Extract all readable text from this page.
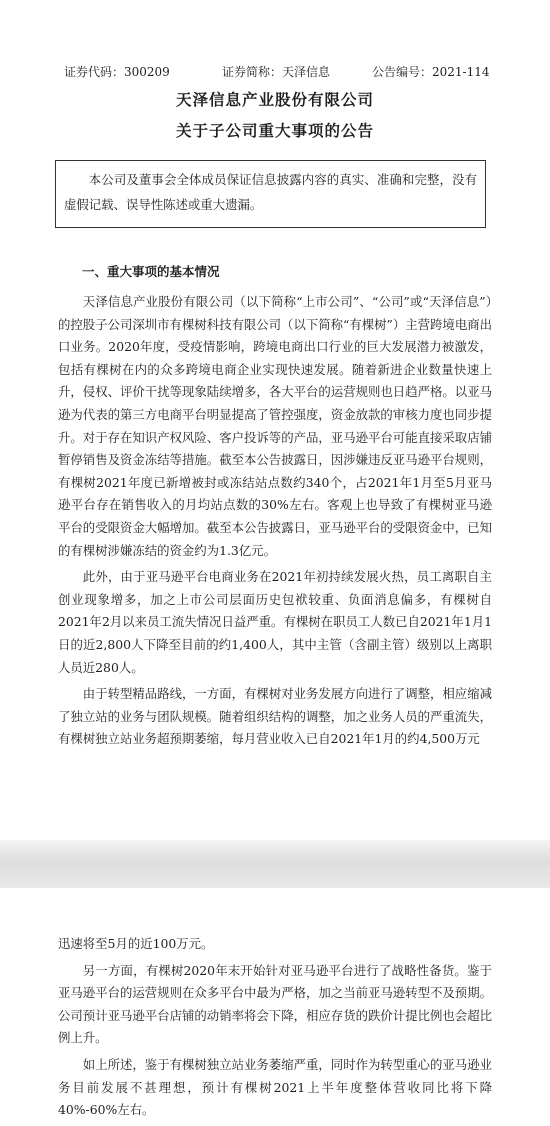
证券代码：300209	证券简称：天泽信息	公告编号：2021-114
天泽信息产业股份有限公司
关于子公司重大事项的公告
本公司及董事会全体成员保证信息披露内容的真实、准确和完整，没有虚假记载、误导性陈述或重大遗漏。
一、重大事项的基本情况

天泽信息产业股份有限公司（以下简称“上市公司”、“公司”或“天泽信息”）的控股子公司深圳市有棵树科技有限公司（以下简称“有棵树”）主营跨境电商出口业务。2020年度，受疫情影响，跨境电商出口行业的巨大发展潜力被激发，包括有棵树在内的众多跨境电商企业实现快速发展。随着新进企业数量快速上升，侵权、评价干扰等现象陆续增多，各大平台的运营规则也日趋严格。以亚马逊为代表的第三方电商平台明显提高了管控强度，资金放款的审核力度也同步提升。对于存在知识产权风险、客户投诉等的产品，亚马逊平台可能直接采取店铺暂停销售及资金冻结等措施。截至本公告披露日，因涉嫌违反亚马逊平台规则，有棵树2021年度已新增被封或冻结站点数约340个，占2021年1月至5月亚马逊平台存在销售收入的月均站点数的30%左右。客观上也导致了有棵树亚马逊平台的受限资金大幅增加。截至本公告披露日，亚马逊平台的受限资金中，已知的有棵树涉嫌冻结的资金约为1.3亿元。

此外，由于亚马逊平台电商业务在2021年初持续发展火热，员工离职自主创业现象增多，加之上市公司层面历史包袱较重、负面消息偏多，有棵树自2021年2月以来员工流失情况日益严重。有棵树在职员工人数已自2021年1月1日的近2,800人下降至目前的约1,400人，其中主管（含副主管）级别以上离职人员近280人。

由于转型精品路线，一方面，有棵树对业务发展方向进行了调整，相应缩减了独立站的业务与团队规模。随着组织结构的调整，加之业务人员的严重流失，有棵树独立站业务超预期萎缩，每月营业收入已自2021年1月的约4,500万元

迅速将至5月的近100万元。

另一方面，有棵树2020年末开始针对亚马逊平台进行了战略性备货。鉴于亚马逊平台的运营规则在众多平台中最为严格，加之当前亚马逊转型不及预期。公司预计亚马逊平台店铺的动销率将会下降，相应存货的跌价计提比例也会超比例上升。

如上所述，鉴于有棵树独立站业务萎缩严重，同时作为转型重心的亚马逊业务目前发展不甚理想，预计有棵树2021上半年度整体营收同比将下降40%-60%左右。
